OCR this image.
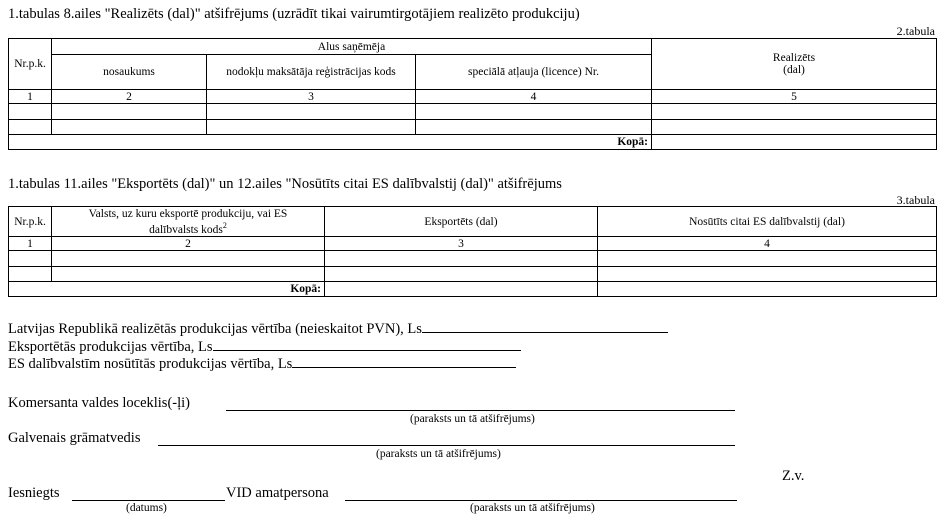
1.tabulas 8.ailes "Realizēts (dal)" atšifrējums (uzrādīt tikai vairumtirgotājiem realizēto produkciju)
2.tabula
Nr.p.k.	Alus saņēmēja			Realizēts
(dal)

	nosaukums	nodokļu maksātāja reģistrācijas kods	speciālā atļauja (licence) Nr.	
1	2	3	4	5

Kopā:				
1.tabulas 11.ailes "Eksportēts (dal)" un 12.ailes "Nosūtīts citai ES dalībvalstij (dal)" atšifrējums
3.tabula
Nr.p.k.	Valsts, uz kuru eksportē produkciju, vai ES
dalībvalsts kods$^2$	Eksportēts (dal)	Nosūtīts citai ES dalībvalstij (dal)
1	2	3	4

Kopā:			
Latvijas Republikā realizētās produkcijas vērtība (neieskaitot PVN), Ls
Eksportētās produkcijas vērtība, Ls
ES dalībvalstīm nosūtītās produkcijas vērtība, Ls
Komersanta valdes loceklis(-ļi)
(paraksts un tā atšifrējums)
Galvenais grāmatvedis
(paraksts un tā atšifrējums)
Z.v.
Iesniegts	VID amatpersona
(datums)	(paraksts un tā atšifrējums)
